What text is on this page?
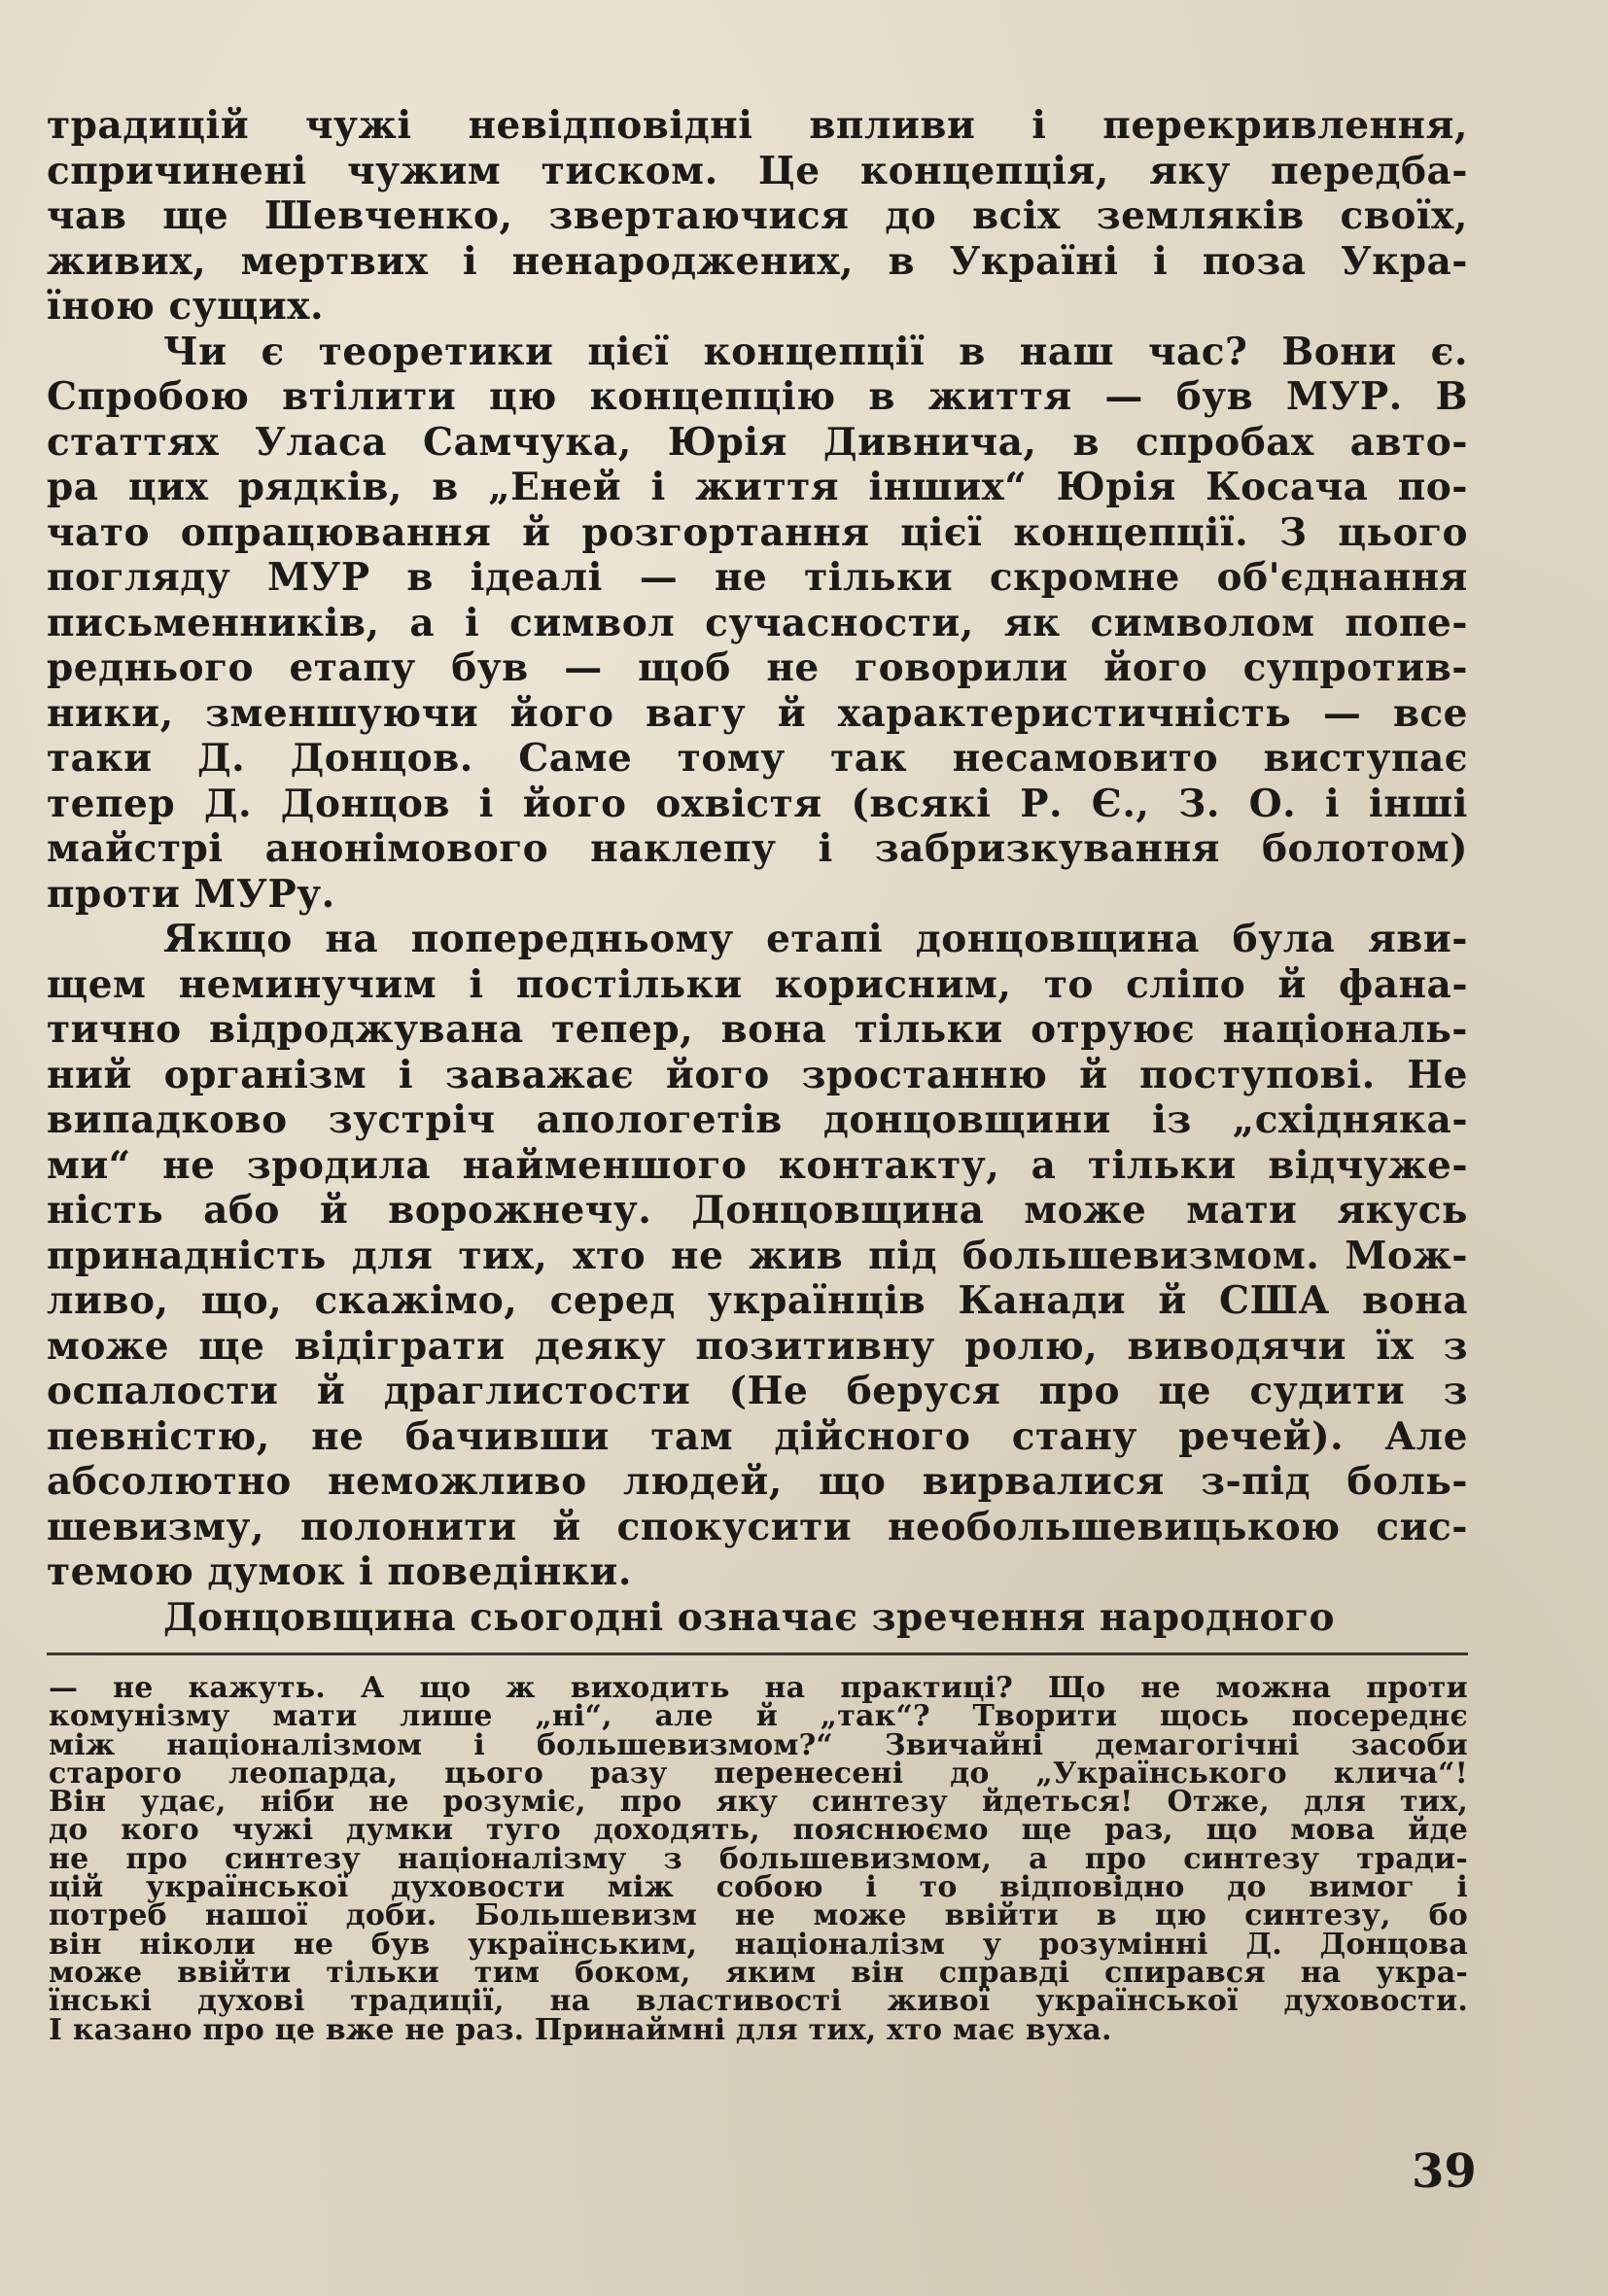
традицій чужі невідповідні впливи і перекривлення,
спричинені чужим тиском. Це концепція, яку передба-
чав ще Шевченко, звертаючися до всіх земляків своїх,
живих, мертвих і ненароджених, в Україні і поза Укра-
їною сущих.
Чи є теоретики цієї концепції в наш час? Вони є.
Спробою втілити цю концепцію в життя — був МУР. В
статтях Уласа Самчука, Юрія Дивнича, в спробах авто-
ра цих рядків, в „Еней і життя інших“ Юрія Косача по-
чато опрацювання й розгортання цієї концепції. З цього
погляду МУР в ідеалі — не тільки скромне об'єднання
письменників, а і символ сучасности, як символом попе-
реднього етапу був — щоб не говорили його супротив-
ники, зменшуючи його вагу й характеристичність — все
таки Д. Донцов. Саме тому так несамовито виступає
тепер Д. Донцов і його охвістя (всякі Р. Є., З. О. і інші
майстрі анонімового наклепу і забризкування болотом)
проти МУРу.
Якщо на попередньому етапі донцовщина була яви-
щем неминучим і постільки корисним, то сліпо й фана-
тично відроджувана тепер, вона тільки отруює національ-
ний організм і заважає його зростанню й поступові. Не
випадково зустріч апологетів донцовщини із „східняка-
ми“ не зродила найменшого контакту, а тільки відчуже-
ність або й ворожнечу. Донцовщина може мати якусь
принадність для тих, хто не жив під большевизмом. Мож-
ливо, що, скажімо, серед українців Канади й США вона
може ще відіграти деяку позитивну ролю, виводячи їх з
оспалости й драглистости (Не беруся про це судити з
певністю, не бачивши там дійсного стану речей). Але
абсолютно неможливо людей, що вирвалися з-під боль-
шевизму, полонити й спокусити необольшевицькою сис-
темою думок і поведінки.
Донцовщина сьогодні означає зречення народного
— не кажуть. А що ж виходить на практиці? Що не можна проти
комунізму мати лише „ні“, але й „так“? Творити щось посереднє
між націоналізмом і большевизмом?“ Звичайні демагогічні засоби
старого леопарда, цього разу перенесені до „Українського клича“!
Він удає, ніби не розуміє, про яку синтезу йдеться! Отже, для тих,
до кого чужі думки туго доходять, пояснюємо ще раз, що мова йде
не про синтезу націоналізму з большевизмом, а про синтезу тради-
цій української духовости між собою і то відповідно до вимог і
потреб нашої доби. Большевизм не може ввійти в цю синтезу, бо
він ніколи не був українським, націоналізм у розумінні Д. Донцова
може ввійти тільки тим боком, яким він справді спирався на укра-
їнські духові традиції, на властивості живої української духовости.
І казано про це вже не раз. Принаймні для тих, хто має вуха.
39
